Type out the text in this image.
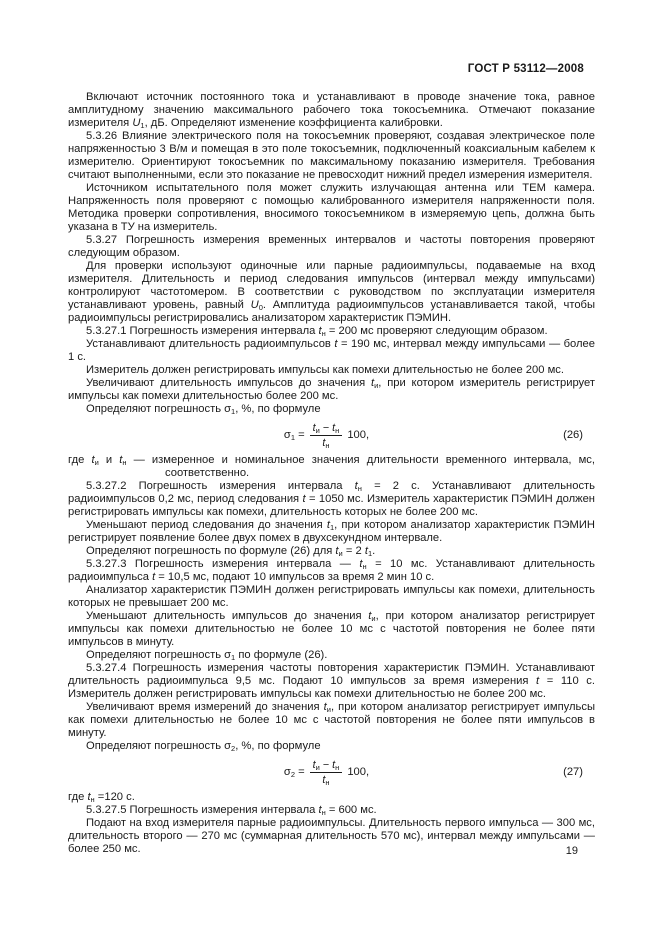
ГОСТ Р 53112—2008

Включают источник постоянного тока и устанавливают в проводе значение тока, равное амплитудному значению максимального рабочего тока токосъемника. Отмечают показание измерителя $U_1$, дБ. Определяют изменение коэффициента калибровки.

5.3.26 Влияние электрического поля на токосъемник проверяют, создавая электрическое поле напряженностью 3 В/м и помещая в это поле токосъемник, подключенный коаксиальным кабелем к измерителю. Ориентируют токосъемник по максимальному показанию измерителя. Требования считают выполненными, если это показание не превосходит нижний предел измерения измерителя.

Источником испытательного поля может служить излучающая антенна или ТЕМ камера. Напряженность поля проверяют с помощью калиброванного измерителя напряженности поля. Методика проверки сопротивления, вносимого токосъемником в измеряемую цепь, должна быть указана в ТУ на измеритель.

5.3.27 Погрешность измерения временных интервалов и частоты повторения проверяют следующим образом.

Для проверки используют одиночные или парные радиоимпульсы, подаваемые на вход измерителя. Длительность и период следования импульсов (интервал между импульсами) контролируют частотомером. В соответствии с руководством по эксплуатации измерителя устанавливают уровень, равный $U_0$. Амплитуда радиоимпульсов устанавливается такой, чтобы радиоимпульсы регистрировались анализатором характеристик ПЭМИН.

5.3.27.1 Погрешность измерения интервала $t_н = 200$ мс проверяют следующим образом.

Устанавливают длительность радиоимпульсов t = 190 мс, интервал между импульсами — более 1 с.

Измеритель должен регистрировать импульсы как помехи длительностью не более 200 мс.

Увеличивают длительность импульсов до значения $t_и$, при котором измеритель регистрирует импульсы как помехи длительностью более 200 мс.

Определяют погрешность $\sigma_1$, %, по формуле

$\sigma_1 = \frac{t_и - t_н}{t_н} 100$,	(26)

где $t_и$ и $t_н$ — измеренное и номинальное значения длительности временного интервала, мс, соответственно.

5.3.27.2 Погрешность измерения интервала $t_н = 2$ с. Устанавливают длительность радиоимпульсов 0,2 мс, период следования t = 1050 мс. Измеритель характеристик ПЭМИН должен регистрировать импульсы как помехи, длительность которых не более 200 мс.

Уменьшают период следования до значения $t_1$, при котором анализатор характеристик ПЭМИН регистрирует появление более двух помех в двухсекундном интервале.

Определяют погрешность по формуле (26) для $t_и = 2$ $t_1$.

5.3.27.3 Погрешность измерения интервала — $t_н = 10$ мс. Устанавливают длительность радиоимпульса t = 10,5 мс, подают 10 импульсов за время 2 мин 10 с.

Анализатор характеристик ПЭМИН должен регистрировать импульсы как помехи, длительность которых не превышает 200 мс.

Уменьшают длительность импульсов до значения $t_и$, при котором анализатор регистрирует импульсы как помехи длительностью не более 10 мс с частотой повторения не более пяти импульсов в минуту.

Определяют погрешность $\sigma_1$ по формуле (26).

5.3.27.4 Погрешность измерения частоты повторения характеристик ПЭМИН. Устанавливают длительность радиоимпульса 9,5 мс. Подают 10 импульсов за время измерения t = 110 с. Измеритель должен регистрировать импульсы как помехи длительностью не более 200 мс.

Увеличивают время измерений до значения $t_и$, при котором анализатор регистрирует импульсы как помехи длительностью не более 10 мс с частотой повторения не более пяти импульсов в минуту.

Определяют погрешность $\sigma_2$, %, по формуле

$\sigma_2 = \frac{t_и - t_н}{t_н} 100$,	(27)

где $t_н =120$ с.

5.3.27.5 Погрешность измерения интервала $t_н = 600$ мс.

Подают на вход измерителя парные радиоимпульсы. Длительность первого импульса — 300 мс, длительность второго — 270 мс (суммарная длительность 570 мс), интервал между импульсами — более 250 мс.	19
